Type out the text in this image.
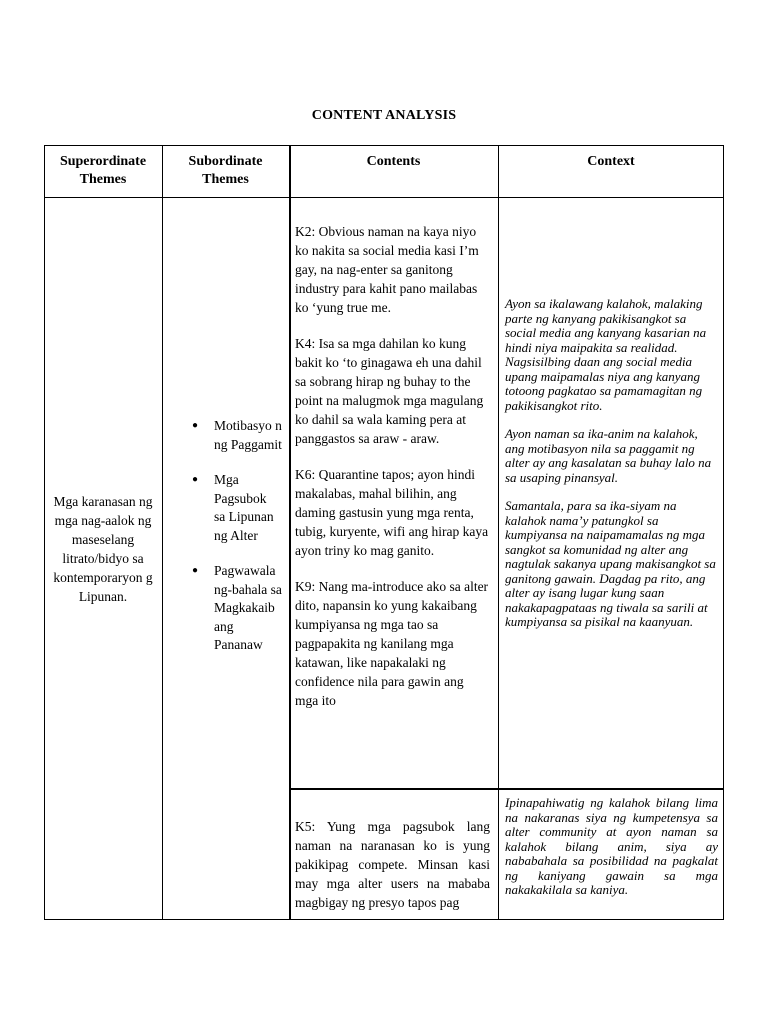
CONTENT ANALYSIS
Superordinate Themes
Subordinate Themes
Contents	Context
Mga karanasan ng mga nag-aalok ng maseselang litrato/bidyo sa kontemporaryon g Lipunan.
● Motibasyo n ng Paggamit
● Mga Pagsubok sa Lipunan ng Alter
● Pagwawala ng-bahala sa Magkakaib ang Pananaw

K2: Obvious naman na kaya niyo ko nakita sa social media kasi I’m gay, na nag-enter sa ganitong industry para kahit pano mailabas ko ‘yung true me.

K4: Isa sa mga dahilan ko kung bakit ko ‘to ginagawa eh una dahil sa sobrang hirap ng buhay to the point na malugmok mga magulang ko dahil sa wala kaming pera at panggastos sa araw - araw.

K6: Quarantine tapos; ayon hindi makalabas, mahal bilihin, ang daming gastusin yung mga renta, tubig, kuryente, wifi ang hirap kaya ayon triny ko mag ganito.

K9: Nang ma-introduce ako sa alter dito, napansin ko yung kakaibang kumpiyansa ng mga tao sa pagpapakita ng kanilang mga katawan, like napakalaki ng confidence nila para gawin ang mga ito

Ayon sa ikalawang kalahok, malaking parte ng kanyang pakikisangkot sa social media ang kanyang kasarian na hindi niya maipakita sa realidad. Nagsisilbing daan ang social media upang maipamalas niya ang kanyang totoong pagkatao sa pamamagitan ng pakikisangkot rito.

Ayon naman sa ika-anim na kalahok, ang motibasyon nila sa paggamit ng alter ay ang kasalatan sa buhay lalo na sa usaping pinansyal.

Samantala, para sa ika-siyam na kalahok nama’y patungkol sa kumpiyansa na naipamamalas ng mga sangkot sa komunidad ng alter ang nagtulak sakanya upang makisangkot sa ganitong gawain. Dagdag pa rito, ang alter ay isang lugar kung saan nakakapagpataas ng tiwala sa sarili at kumpiyansa sa pisikal na kaanyuan.

K5: Yung mga pagsubok lang naman na naranasan ko is yung pakikipag compete. Minsan kasi may mga alter users na mababa magbigay ng presyo tapos pag

Ipinapahiwatig ng kalahok bilang lima na nakaranas siya ng kumpetensya sa alter community at ayon naman sa kalahok bilang anim, siya ay nababahala sa posibilidad na pagkalat ng kaniyang gawain sa mga nakakakilala sa kaniya.
